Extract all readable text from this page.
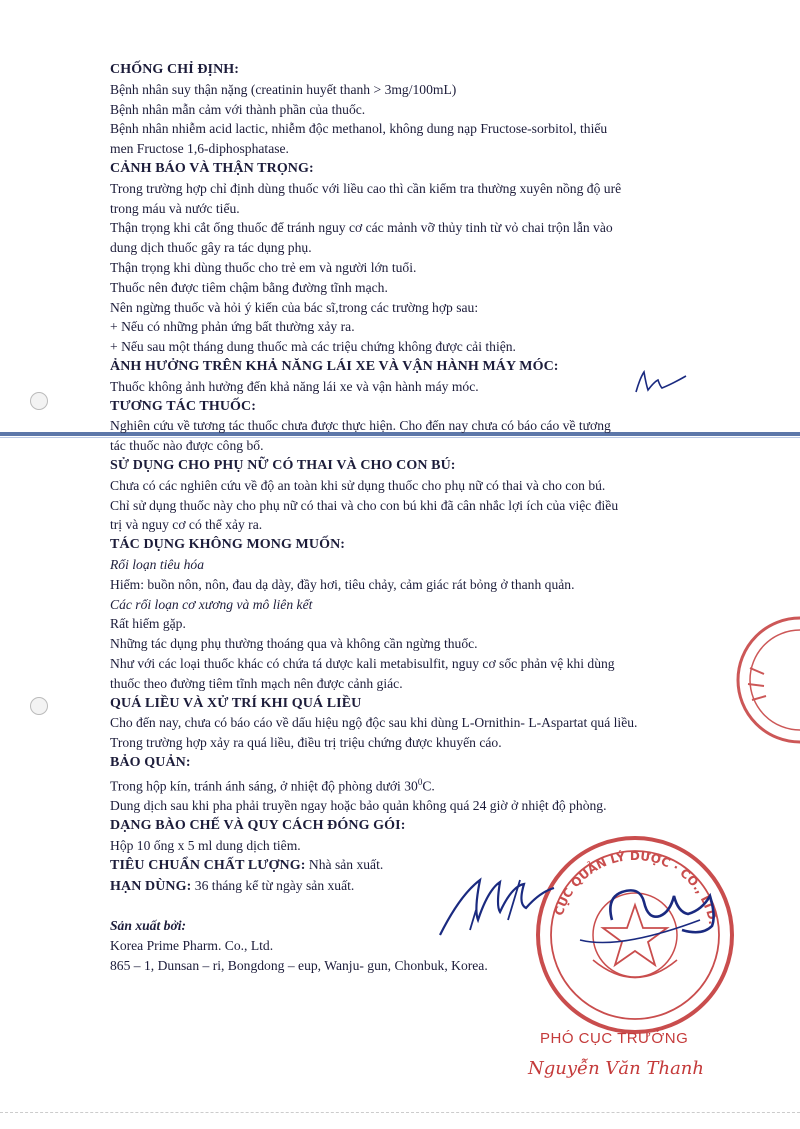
CHỐNG CHỈ ĐỊNH:

Bệnh nhân suy thận nặng (creatinin huyết thanh > 3mg/100mL)

Bệnh nhân mẫn cảm với thành phần của thuốc.

Bệnh nhân nhiễm acid lactic, nhiễm độc methanol, không dung nạp Fructose-sorbitol, thiếu

men Fructose 1,6-diphosphatase.

CẢNH BÁO VÀ THẬN TRỌNG:

Trong trường hợp chỉ định dùng thuốc với liều cao thì cần kiểm tra thường xuyên nồng độ urê

trong máu và nước tiểu.

Thận trọng khi cắt ống thuốc để tránh nguy cơ các mảnh vỡ thủy tinh từ vỏ chai trộn lẫn vào

dung dịch thuốc gây ra tác dụng phụ.

Thận trọng khi dùng thuốc cho trẻ em và người lớn tuổi.

Thuốc nên được tiêm chậm bằng đường tĩnh mạch.

Nên ngừng thuốc và hỏi ý kiến của bác sĩ,trong các trường hợp sau:

+ Nếu có những phản ứng bất thường xảy ra.

+ Nếu sau một tháng dung thuốc mà các triệu chứng không được cải thiện.

ẢNH HƯỞNG TRÊN KHẢ NĂNG LÁI XE VÀ VẬN HÀNH MÁY MÓC:

Thuốc không ảnh hưởng đến khả năng lái xe và vận hành máy móc.

TƯƠNG TÁC THUỐC:

Nghiên cứu về tương tác thuốc chưa được thực hiện. Cho đến nay chưa có báo cáo về tương

tác thuốc nào được công bố.

SỬ DỤNG CHO PHỤ NỮ CÓ THAI VÀ CHO CON BÚ:

Chưa có các nghiên cứu về độ an toàn khi sử dụng thuốc cho phụ nữ có thai và cho con bú.

Chỉ sử dụng thuốc này cho phụ nữ có thai và cho con bú khi đã cân nhắc lợi ích của việc điều

trị và nguy cơ có thể xảy ra.

TÁC DỤNG KHÔNG MONG MUỐN:

Rối loạn tiêu hóa

Hiếm: buồn nôn, nôn, đau dạ dày, đầy hơi, tiêu chảy, cảm giác rát bỏng ở thanh quản.

Các rối loạn cơ xương và mô liên kết

Rất hiếm gặp.

Những tác dụng phụ thường thoáng qua và không cần ngừng thuốc.

Như với các loại thuốc khác có chứa tá dược kali metabisulfit, nguy cơ sốc phản vệ khi dùng

thuốc theo đường tiêm tĩnh mạch nên được cảnh giác.

QUÁ LIỀU VÀ XỬ TRÍ KHI QUÁ LIỀU

Cho đến nay, chưa có báo cáo về dấu hiệu ngộ độc sau khi dùng L-Ornithin- L-Aspartat quá liều.

Trong trường hợp xảy ra quá liều, điều trị triệu chứng được khuyến cáo.

BẢO QUẢN:

Trong hộp kín, tránh ánh sáng, ở nhiệt độ phòng dưới $30^0C$.

Dung dịch sau khi pha phải truyền ngay hoặc bảo quản không quá 24 giờ ở nhiệt độ phòng.

DẠNG BÀO CHẾ VÀ QUY CÁCH ĐÓNG GÓI:

Hộp 10 ống x 5 ml dung dịch tiêm.

TIÊU CHUẨN CHẤT LƯỢNG: Nhà sản xuất.

HẠN DÙNG: 36 tháng kể từ ngày sản xuất.

Sản xuất bởi:

Korea Prime Pharm. Co., Ltd.

865 – 1, Dunsan – ri, Bongdong – eup, Wanju- gun, Chonbuk, Korea.

CỤC QUẢN LÝ DƯỢC · CO., LTD.
PHÓ CỤC TRƯỞNG
Nguyễn Văn Thanh
